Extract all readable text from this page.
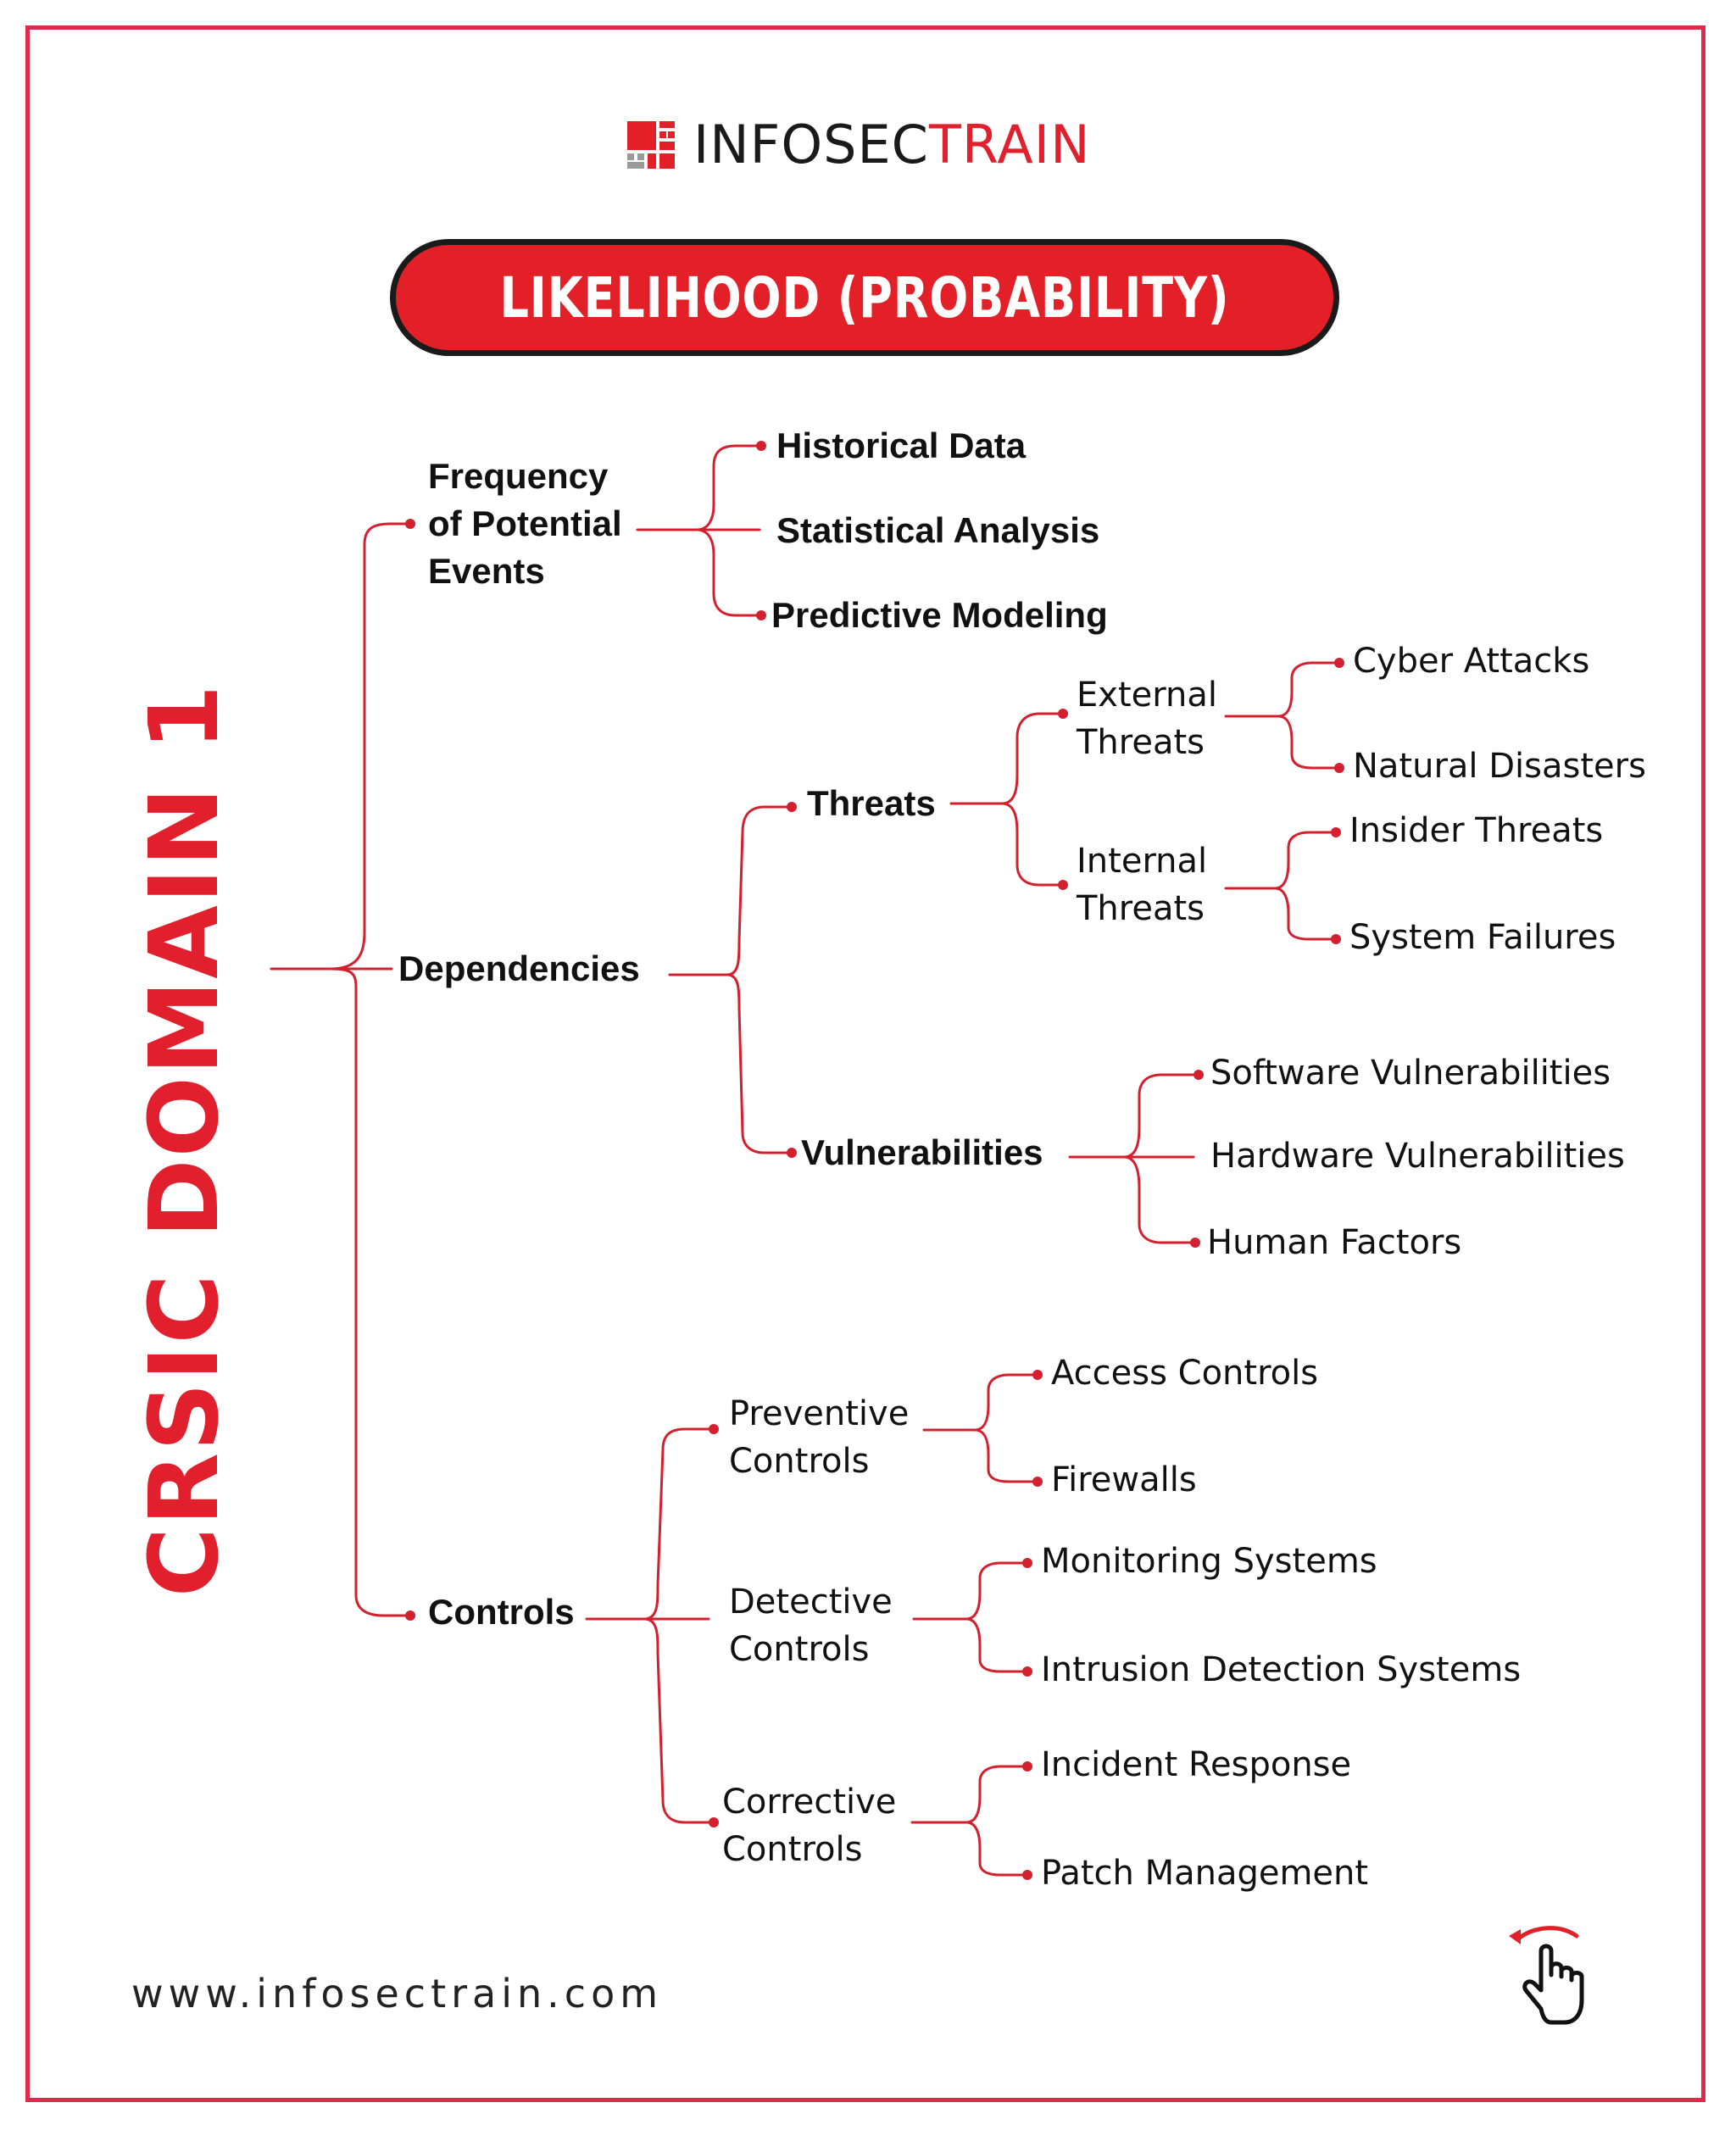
INFOSECTRAIN
LIKELIHOOD (PROBABILITY)
CRSIC DOMAIN 1
Frequency
of Potential
Events
Dependencies
Controls
Historical Data
Statistical Analysis
Predictive Modeling
Threats
Vulnerabilities
External
Threats
Internal
Threats
Cyber Attacks
Natural Disasters
Insider Threats
System Failures
Software Vulnerabilities
Hardware Vulnerabilities
Human Factors
Preventive
Controls
Detective
Controls
Corrective
Controls
Access Controls
Firewalls
Monitoring Systems
Intrusion Detection Systems
Incident Response
Patch Management
www.infosectrain.com
